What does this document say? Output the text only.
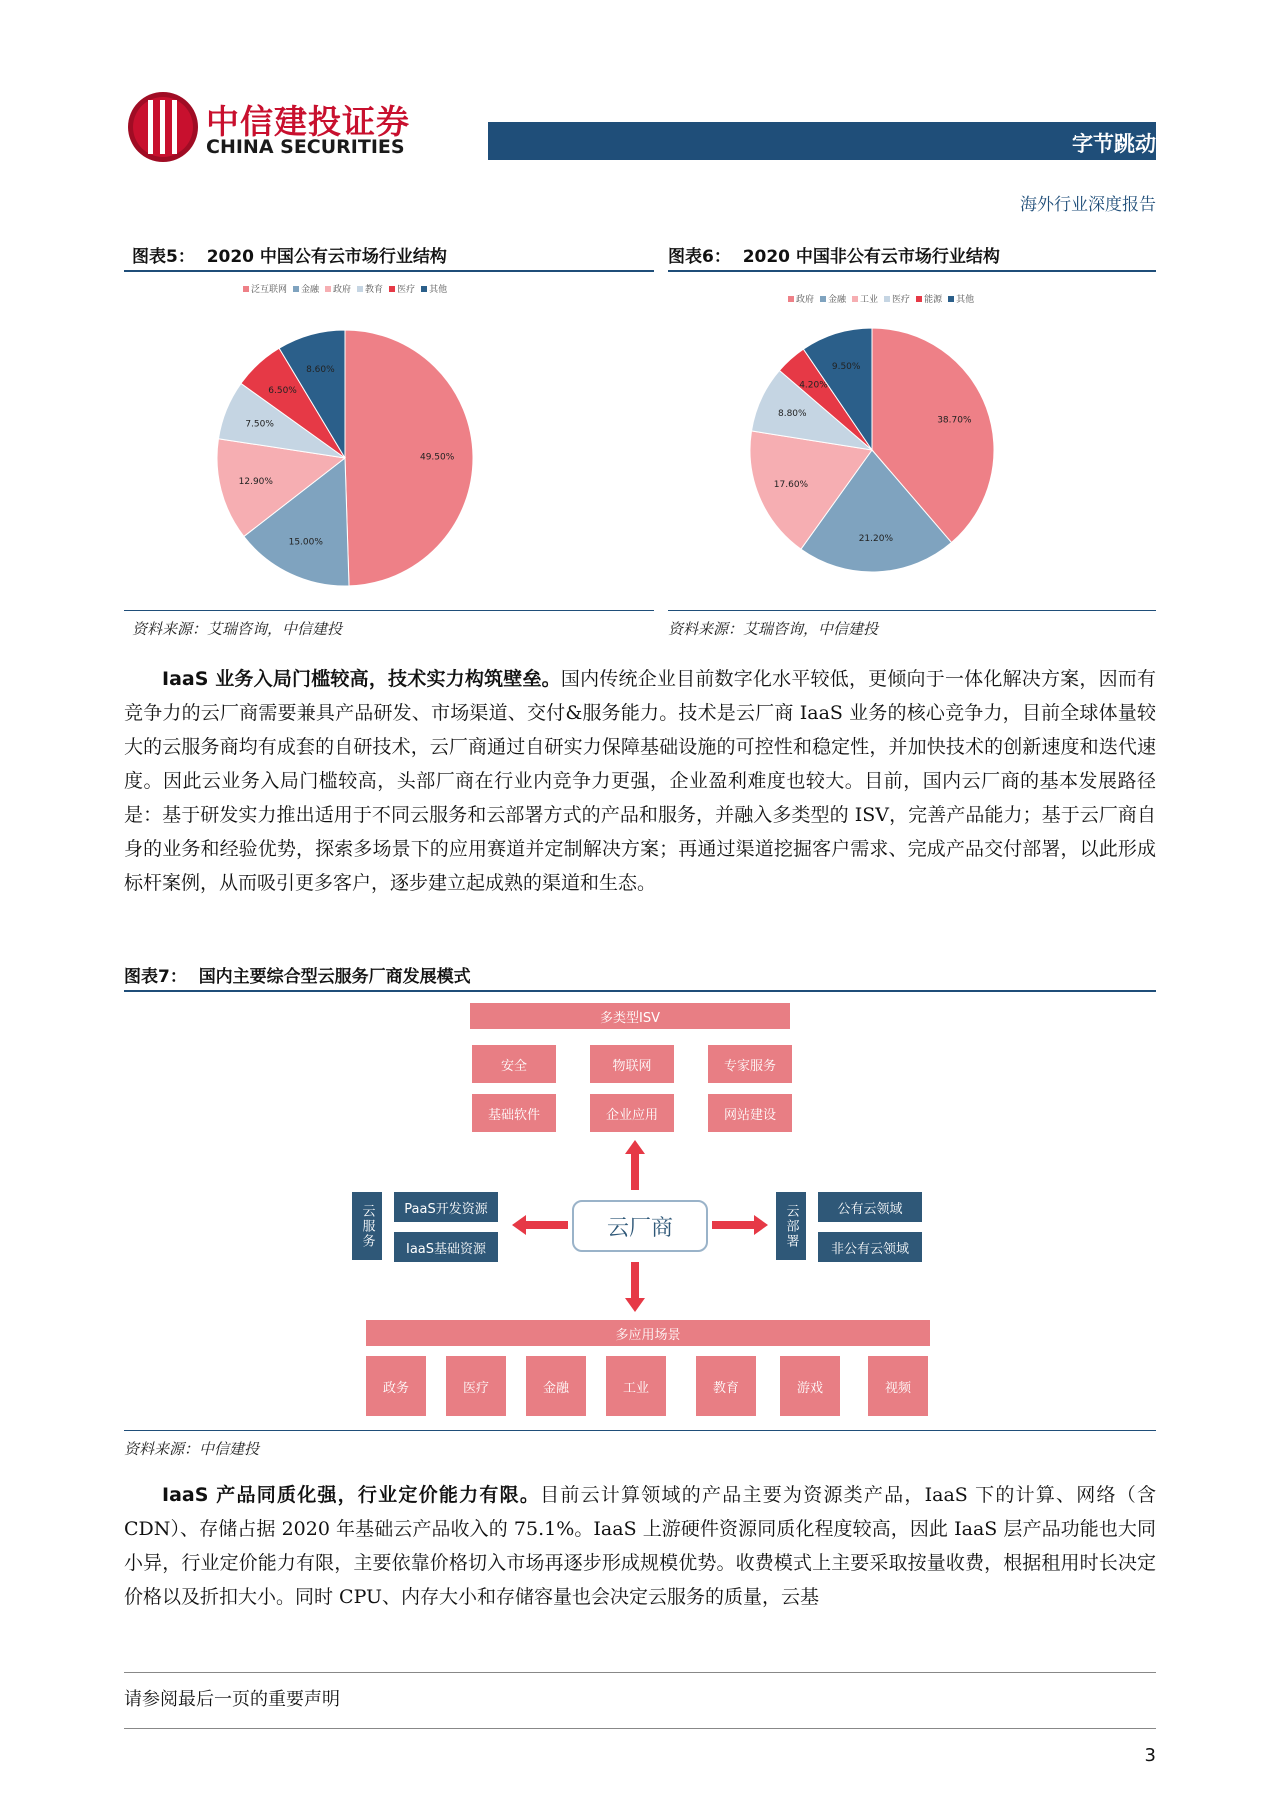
中信建投证券
CHINA SECURITIES	字节跳动
海外行业深度报告
图表5： 2020 中国公有云市场行业结构	图表6： 2020 中国非公有云市场行业结构
泛互联网 金融 政府 教育 医疗 其他
政府 金融 工业 医疗 能源 其他
49.50%
15.00%
12.90%
7.50%
6.50%
8.60%
38.70%
21.20%
17.60%
8.80%
4.20%
9.50%
资料来源：艾瑞咨询，中信建投	资料来源：艾瑞咨询，中信建投
IaaS 业务入局门槛较高，技术实力构筑壁垒。国内传统企业目前数字化水平较低，更倾向于一体化解决方案，因而有竞争力的云厂商需要兼具产品研发、市场渠道、交付&服务能力。技术是云厂商 IaaS 业务的核心竞争力，目前全球体量较大的云服务商均有成套的自研技术，云厂商通过自研实力保障基础设施的可控性和稳定性，并加快技术的创新速度和迭代速度。因此云业务入局门槛较高，头部厂商在行业内竞争力更强，企业盈利难度也较大。目前，国内云厂商的基本发展路径是：基于研发实力推出适用于不同云服务和云部署方式的产品和服务，并融入多类型的 ISV，完善产品能力；基于云厂商自身的业务和经验优势，探索多场景下的应用赛道并定制解决方案；再通过渠道挖掘客户需求、完成产品交付部署，以此形成标杆案例，从而吸引更多客户，逐步建立起成熟的渠道和生态。
图表7： 国内主要综合型云服务厂商发展模式
多类型ISV
安全	物联网	专家服务
基础软件	企业应用	网站建设
云厂商
云服务	PaaS开发资源
IaaS基础资源
云部署	公有云领域
非公有云领域
多应用场景
政务	医疗	金融	工业	教育	游戏	视频
资料来源：中信建投
IaaS 产品同质化强，行业定价能力有限。目前云计算领域的产品主要为资源类产品，IaaS 下的计算、网络（含 CDN）、存储占据 2020 年基础云产品收入的 75.1%。IaaS 上游硬件资源同质化程度较高，因此 IaaS 层产品功能也大同小异，行业定价能力有限，主要依靠价格切入市场再逐步形成规模优势。收费模式上主要采取按量收费，根据租用时长决定价格以及折扣大小。同时 CPU、内存大小和存储容量也会决定云服务的质量，云基
请参阅最后一页的重要声明
3
